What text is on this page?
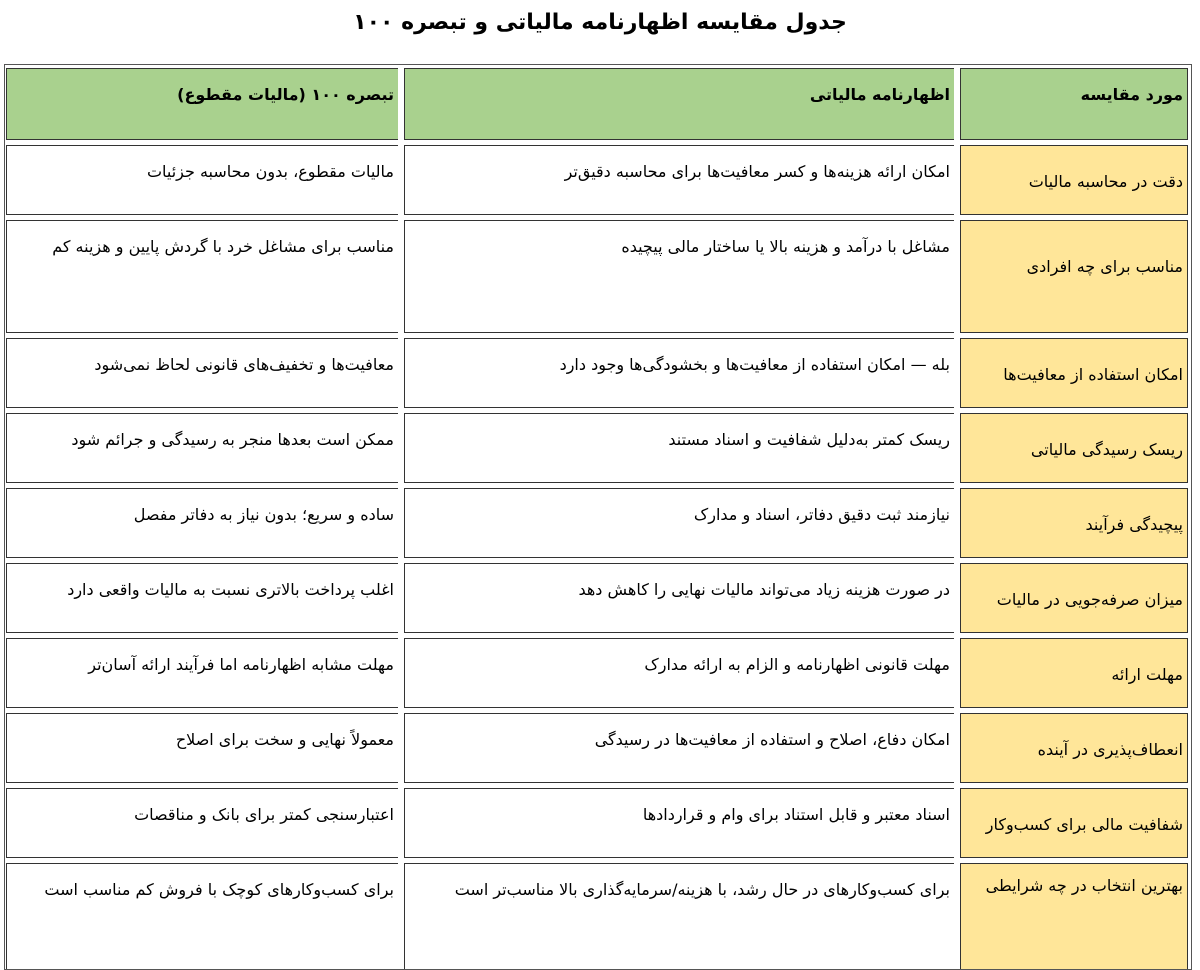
جدول مقایسه اظهارنامه مالیاتی و تبصره ۱۰۰
مورد مقایسه		اظهارنامه مالیاتی		تبصره ۱۰۰ (مالیات مقطوع)
دقت در محاسبه مالیات		امکان ارائه هزینه‌ها و کسر معافیت‌ها برای محاسبه دقیق‌تر		مالیات مقطوع، بدون محاسبه جزئیات
مناسب برای چه افرادی		مشاغل با درآمد و هزینه بالا یا ساختار مالی پیچیده		مناسب برای مشاغل خرد با گردش پایین و هزینه کم
امکان استفاده از معافیت‌ها		بله — امکان استفاده از معافیت‌ها و بخشودگی‌ها وجود دارد		معافیت‌ها و تخفیف‌های قانونی لحاظ نمی‌شود
ریسک رسیدگی مالیاتی		ریسک کمتر به‌دلیل شفافیت و اسناد مستند		ممکن است بعدها منجر به رسیدگی و جرائم شود
پیچیدگی فرآیند		نیازمند ثبت دقیق دفاتر، اسناد و مدارک		ساده و سریع؛ بدون نیاز به دفاتر مفصل
میزان صرفه‌جویی در مالیات		در صورت هزینه زیاد می‌تواند مالیات نهایی را کاهش دهد		اغلب پرداخت بالاتری نسبت به مالیات واقعی دارد
مهلت ارائه		مهلت قانونی اظهارنامه و الزام به ارائه مدارک		مهلت مشابه اظهارنامه اما فرآیند ارائه آسان‌تر
انعطاف‌پذیری در آینده		امکان دفاع، اصلاح و استفاده از معافیت‌ها در رسیدگی		معمولاً نهایی و سخت برای اصلاح
شفافیت مالی برای کسب‌وکار		اسناد معتبر و قابل استناد برای وام و قراردادها		اعتبارسنجی کمتر برای بانک و مناقصات
بهترین انتخاب در چه شرایطی		برای کسب‌وکارهای در حال رشد، با هزینه/سرمایه‌گذاری بالا مناسب‌تر است		برای کسب‌وکارهای کوچک با فروش کم مناسب است
